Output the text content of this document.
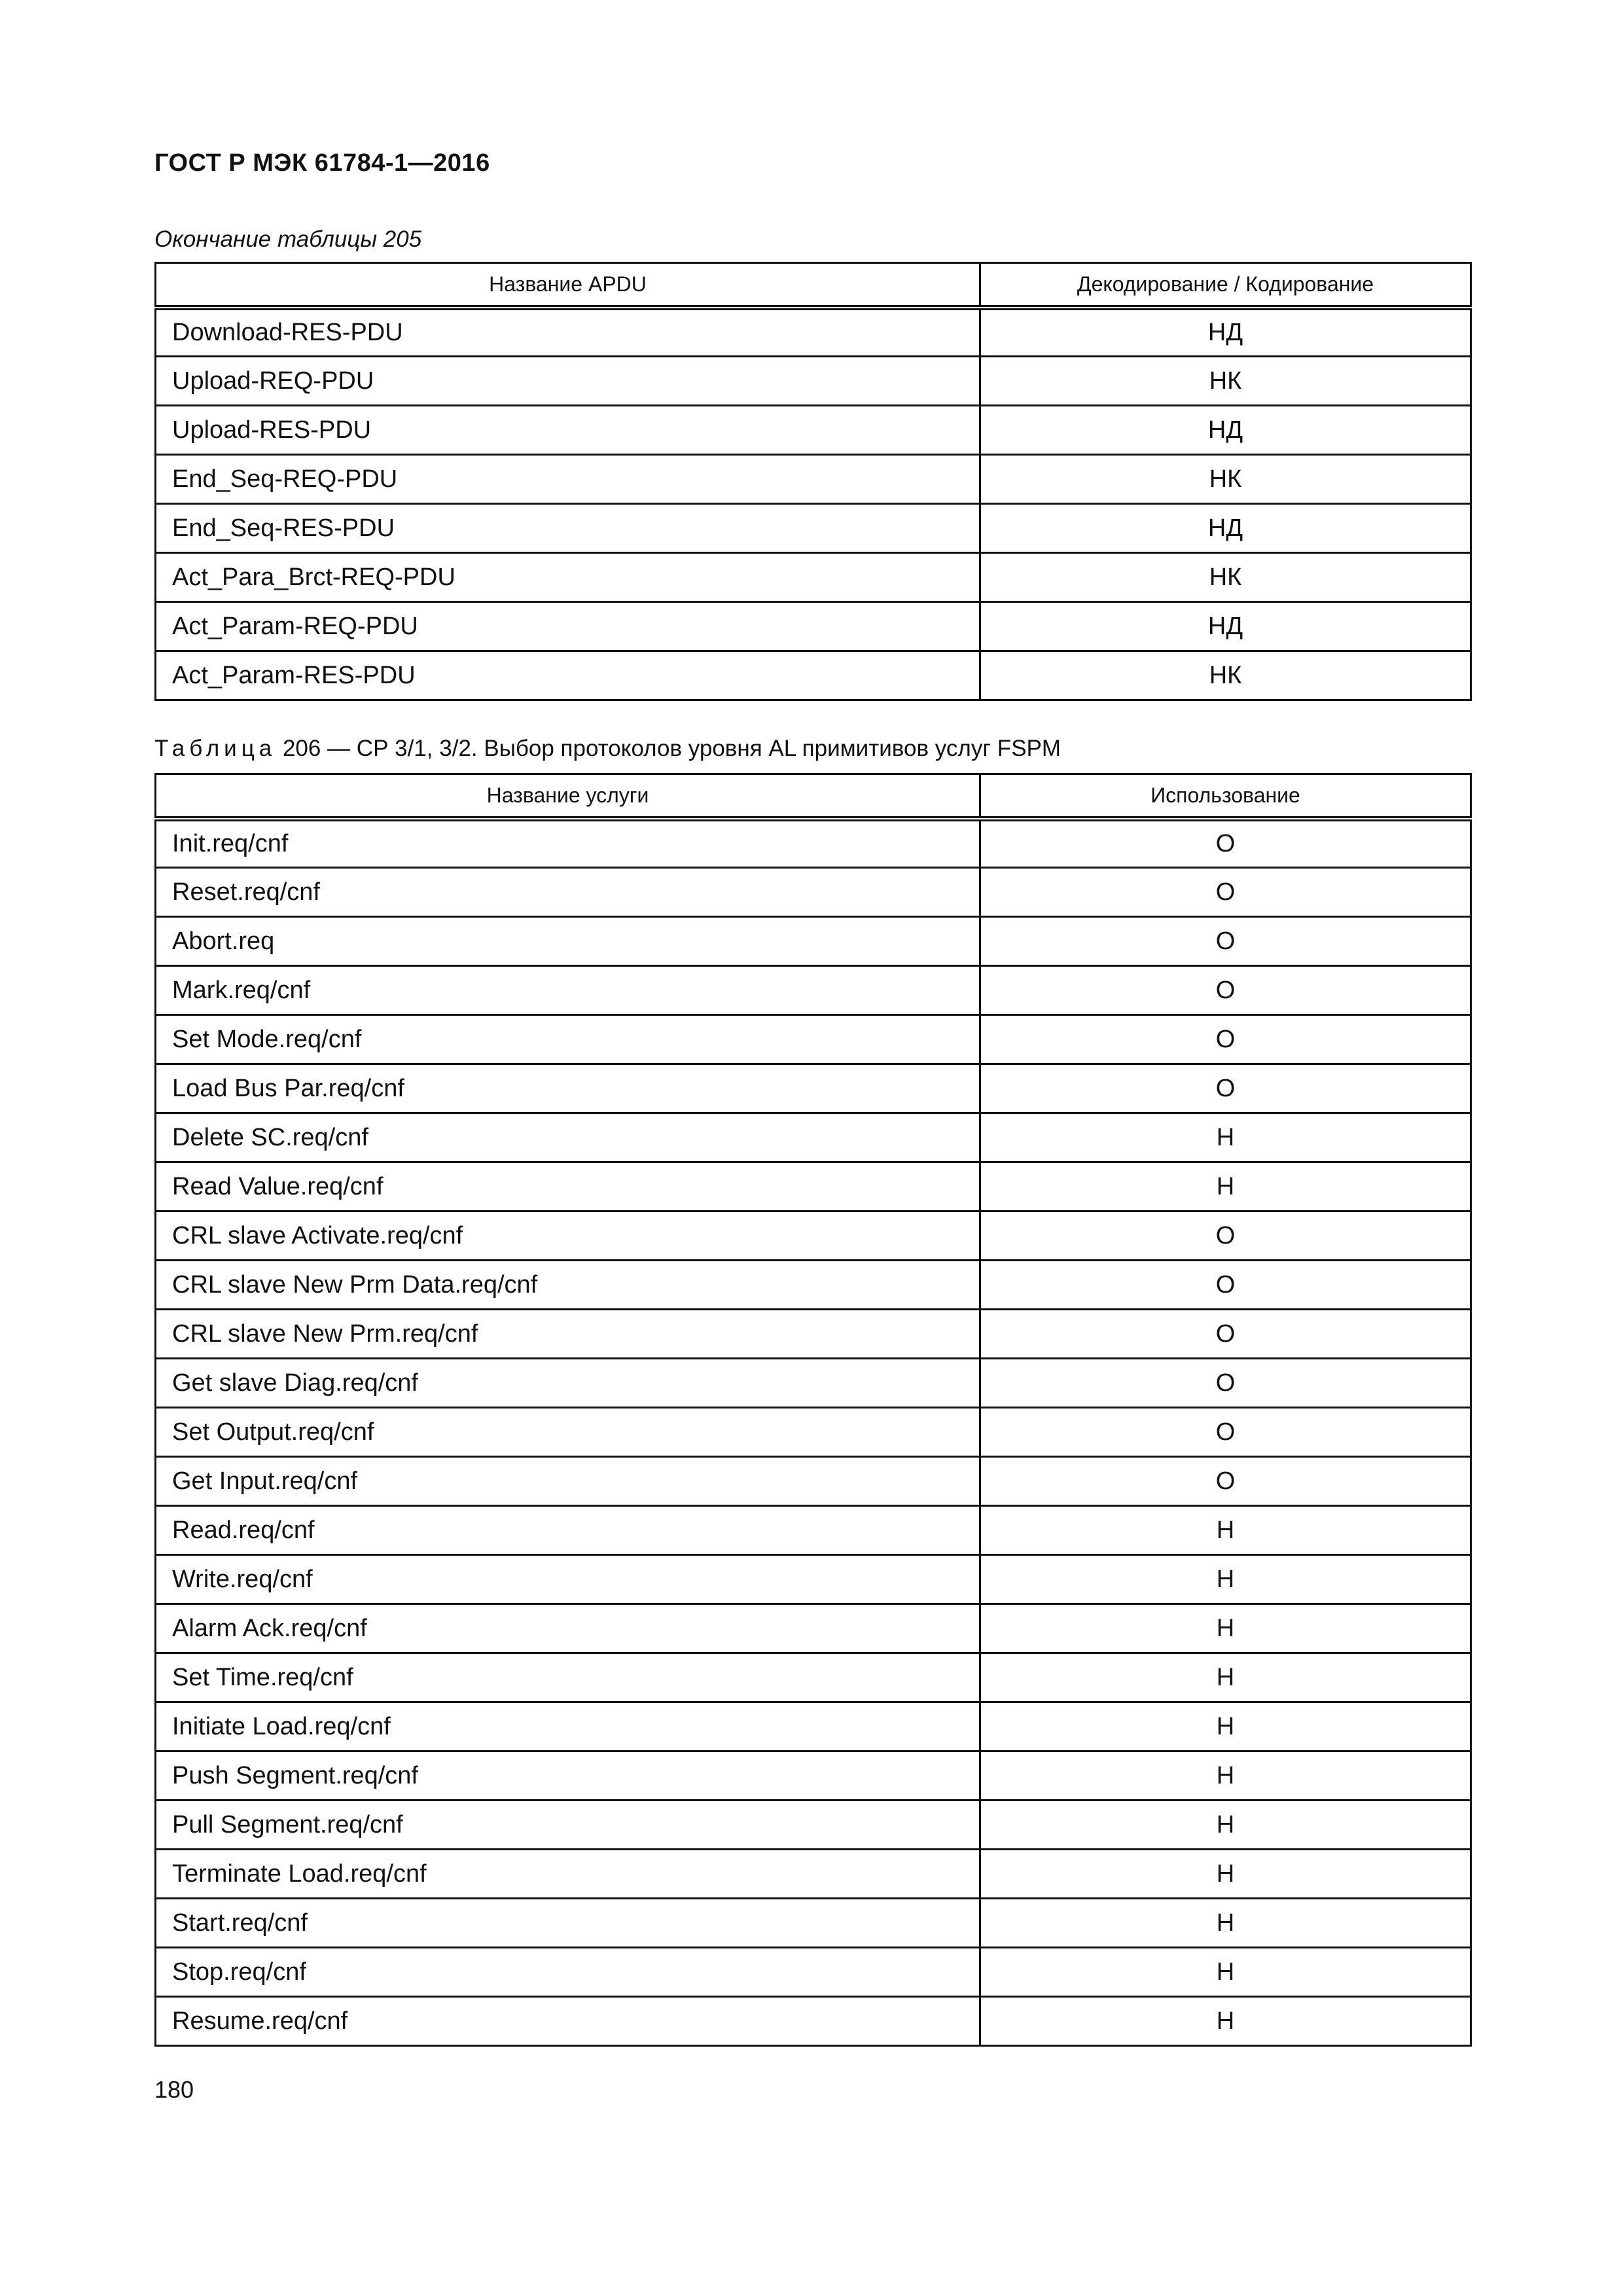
ГОСТ Р МЭК 61784-1—2016
Окончание таблицы 205
Название APDU	Декодирование / Кодирование
Download-RES-PDU	НД
Upload-REQ-PDU	НК
Upload-RES-PDU	НД
End_Seq-REQ-PDU	НК
End_Seq-RES-PDU	НД
Act_Para_Brct-REQ-PDU	НК
Act_Param-REQ-PDU	НД
Act_Param-RES-PDU	НК
Таблица 206 — СР 3/1, 3/2. Выбор протоколов уровня AL примитивов услуг FSPM
Название услуги	Использование
Init.req/cnf	О
Reset.req/cnf	О
Abort.req	О
Mark.req/cnf	О
Set Mode.req/cnf	О
Load Bus Par.req/cnf	О
Delete SC.req/cnf	Н
Read Value.req/cnf	Н
CRL slave Activate.req/cnf	О
CRL slave New Prm Data.req/cnf	О
CRL slave New Prm.req/cnf	О
Get slave Diag.req/cnf	О
Set Output.req/cnf	О
Get Input.req/cnf	О
Read.req/cnf	Н
Write.req/cnf	Н
Alarm Ack.req/cnf	Н
Set Time.req/cnf	Н
Initiate Load.req/cnf	Н
Push Segment.req/cnf	Н
Pull Segment.req/cnf	Н
Terminate Load.req/cnf	Н
Start.req/cnf	Н
Stop.req/cnf	Н
Resume.req/cnf	Н
180
